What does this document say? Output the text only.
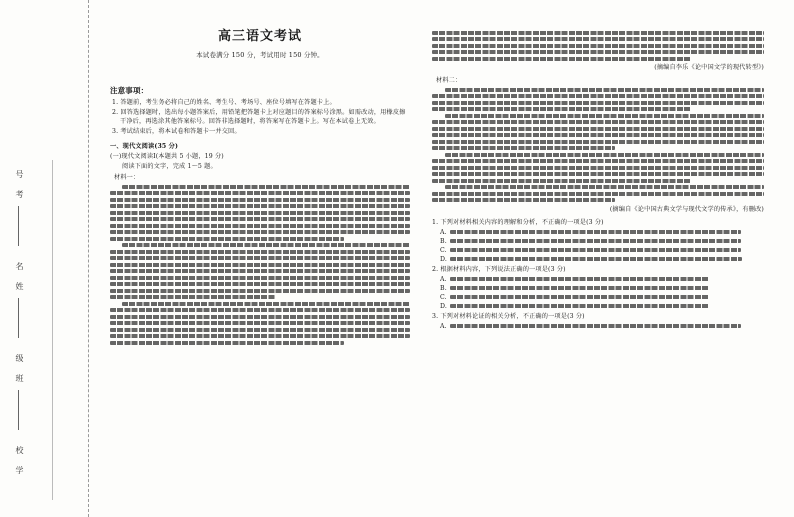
号
考
名
姓
级
班
校
学
高三语文考试
本试卷满分 150 分，考试用时 150 分钟。
注意事项：
1. 答题前，考生务必将自己的姓名、考生号、考场号、座位号填写在答题卡上。
2. 回答选择题时，选出每小题答案后，用铅笔把答题卡上对应题目的答案标号涂黑。如需改动，用橡皮擦干净后，再选涂其他答案标号。回答非选择题时，将答案写在答题卡上。写在本试卷上无效。
3. 考试结束后，将本试卷和答题卡一并交回。
一、现代文阅读(35 分)
(一)现代文阅读Ⅰ(本题共 5 小题，19 分)
阅读下面的文字，完成 1～5 题。
材料一：
(摘编自李乐《论中国文学的现代转型》)
材料二：
(摘编自《论中国古典文学与现代文学的传承》，有删改)
1. 下列对材料相关内容的理解和分析，不正确的一项是(3 分)
A.
B.
C.
D.
2. 根据材料内容，下列说法正确的一项是(3 分)
A.
B.
C.
D.
3. 下列对材料论证的相关分析，不正确的一项是(3 分)
A.
